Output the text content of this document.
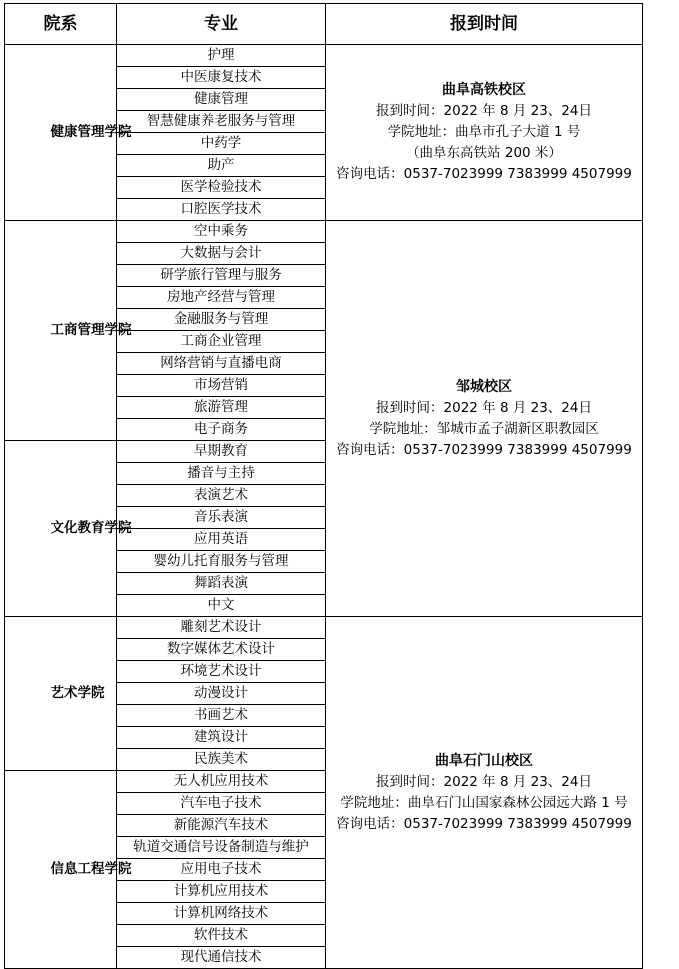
院系	专业	报到时间

健康管理学院	护理	曲阜高铁校区
报到时间：2022 年 8 月 23、24日
学院地址：曲阜市孔子大道 1 号
（曲阜东高铁站 200 米）
咨询电话：0537-7023999 7383999 4507999

	中医康复技术	
	健康管理	
	智慧健康养老服务与管理	
	中药学	
	助产	
	医学检验技术	
	口腔医学技术	

工商管理学院	空中乘务	邹城校区
报到时间：2022 年 8 月 23、24日
学院地址：邹城市孟子湖新区职教园区
咨询电话：0537-7023999 7383999 4507999

	大数据与会计	
	研学旅行管理与服务	
	房地产经营与管理	
	金融服务与管理	
	工商企业管理	
	网络营销与直播电商	
	市场营销	
	旅游管理	
	电子商务	

文化教育学院	早期教育	
	播音与主持	
	表演艺术	
	音乐表演	
	应用英语	
	婴幼儿托育服务与管理	
	舞蹈表演	
	中文	

艺术学院	雕刻艺术设计	曲阜石门山校区
报到时间：2022 年 8 月 23、24日
学院地址：曲阜石门山国家森林公园远大路 1 号
咨询电话：0537-7023999 7383999 4507999

	数字媒体艺术设计	
	环境艺术设计	
	动漫设计	
	书画艺术	
	建筑设计	
	民族美术	

信息工程学院	无人机应用技术	
	汽车电子技术	
	新能源汽车技术	
	轨道交通信号设备制造与维护	
	应用电子技术	
	计算机应用技术	
	计算机网络技术	
	软件技术	
	现代通信技术	
